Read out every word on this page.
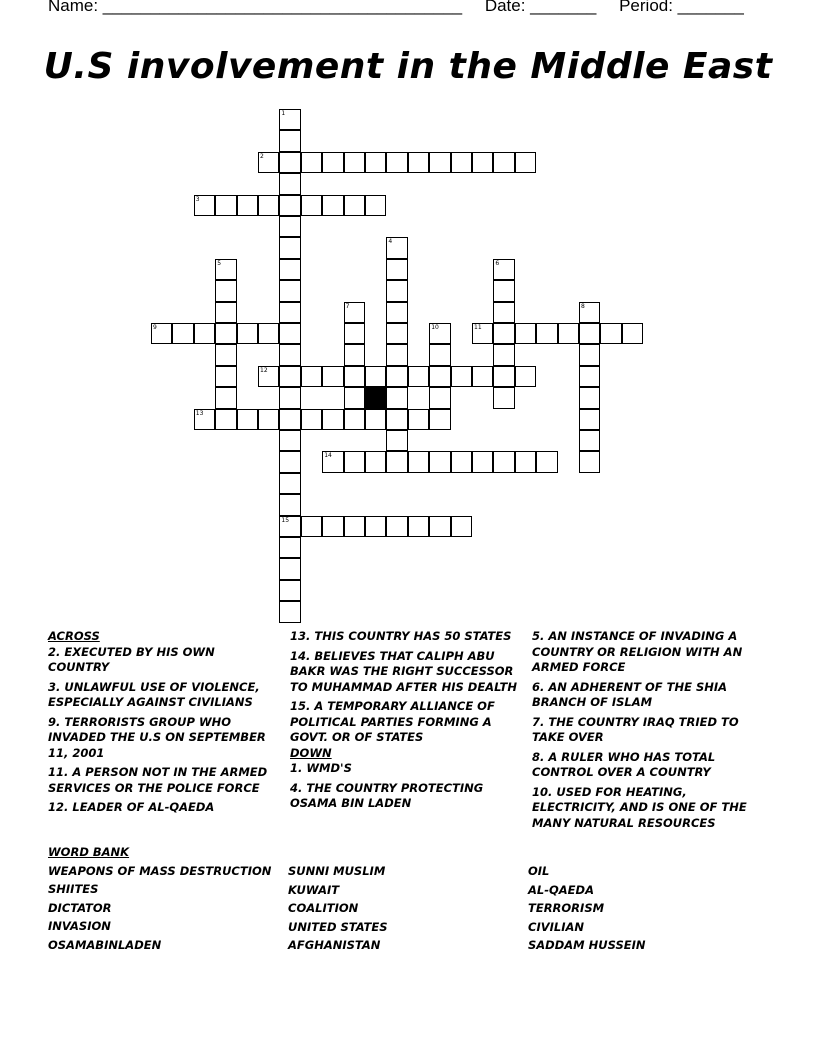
Name: ______________________________________ Date: _______ Period: _______
U.S involvement in the Middle East
1
2
3
4
5	6
7	8
9	10	11
12
13
14
15
ACROSS
2. EXECUTED BY HIS OWN COUNTRY
3. UNLAWFUL USE OF VIOLENCE, ESPECIALLY AGAINST CIVILIANS
9. TERRORISTS GROUP WHO INVADED THE U.S ON SEPTEMBER 11, 2001
11. A PERSON NOT IN THE ARMED SERVICES OR THE POLICE FORCE
12. LEADER OF AL-QAEDA
13. THIS COUNTRY HAS 50 STATES
14. BELIEVES THAT CALIPH ABU BAKR WAS THE RIGHT SUCCESSOR TO MUHAMMAD AFTER HIS DEALTH
15. A TEMPORARY ALLIANCE OF POLITICAL PARTIES FORMING A GOVT. OR OF STATES
DOWN
1. WMD'S
4. THE COUNTRY PROTECTING OSAMA BIN LADEN
5. AN INSTANCE OF INVADING A COUNTRY OR RELIGION WITH AN ARMED FORCE
6. AN ADHERENT OF THE SHIA BRANCH OF ISLAM
7. THE COUNTRY IRAQ TRIED TO TAKE OVER
8. A RULER WHO HAS TOTAL CONTROL OVER A COUNTRY
10. USED FOR HEATING, ELECTRICITY, AND IS ONE OF THE MANY NATURAL RESOURCES
WORD BANK
WEAPONS OF MASS DESTRUCTION
SHIITES
DICTATOR
INVASION
OSAMABINLADEN
SUNNI MUSLIM
KUWAIT
COALITION
UNITED STATES
AFGHANISTAN
OIL
AL-QAEDA
TERRORISM
CIVILIAN
SADDAM HUSSEIN
